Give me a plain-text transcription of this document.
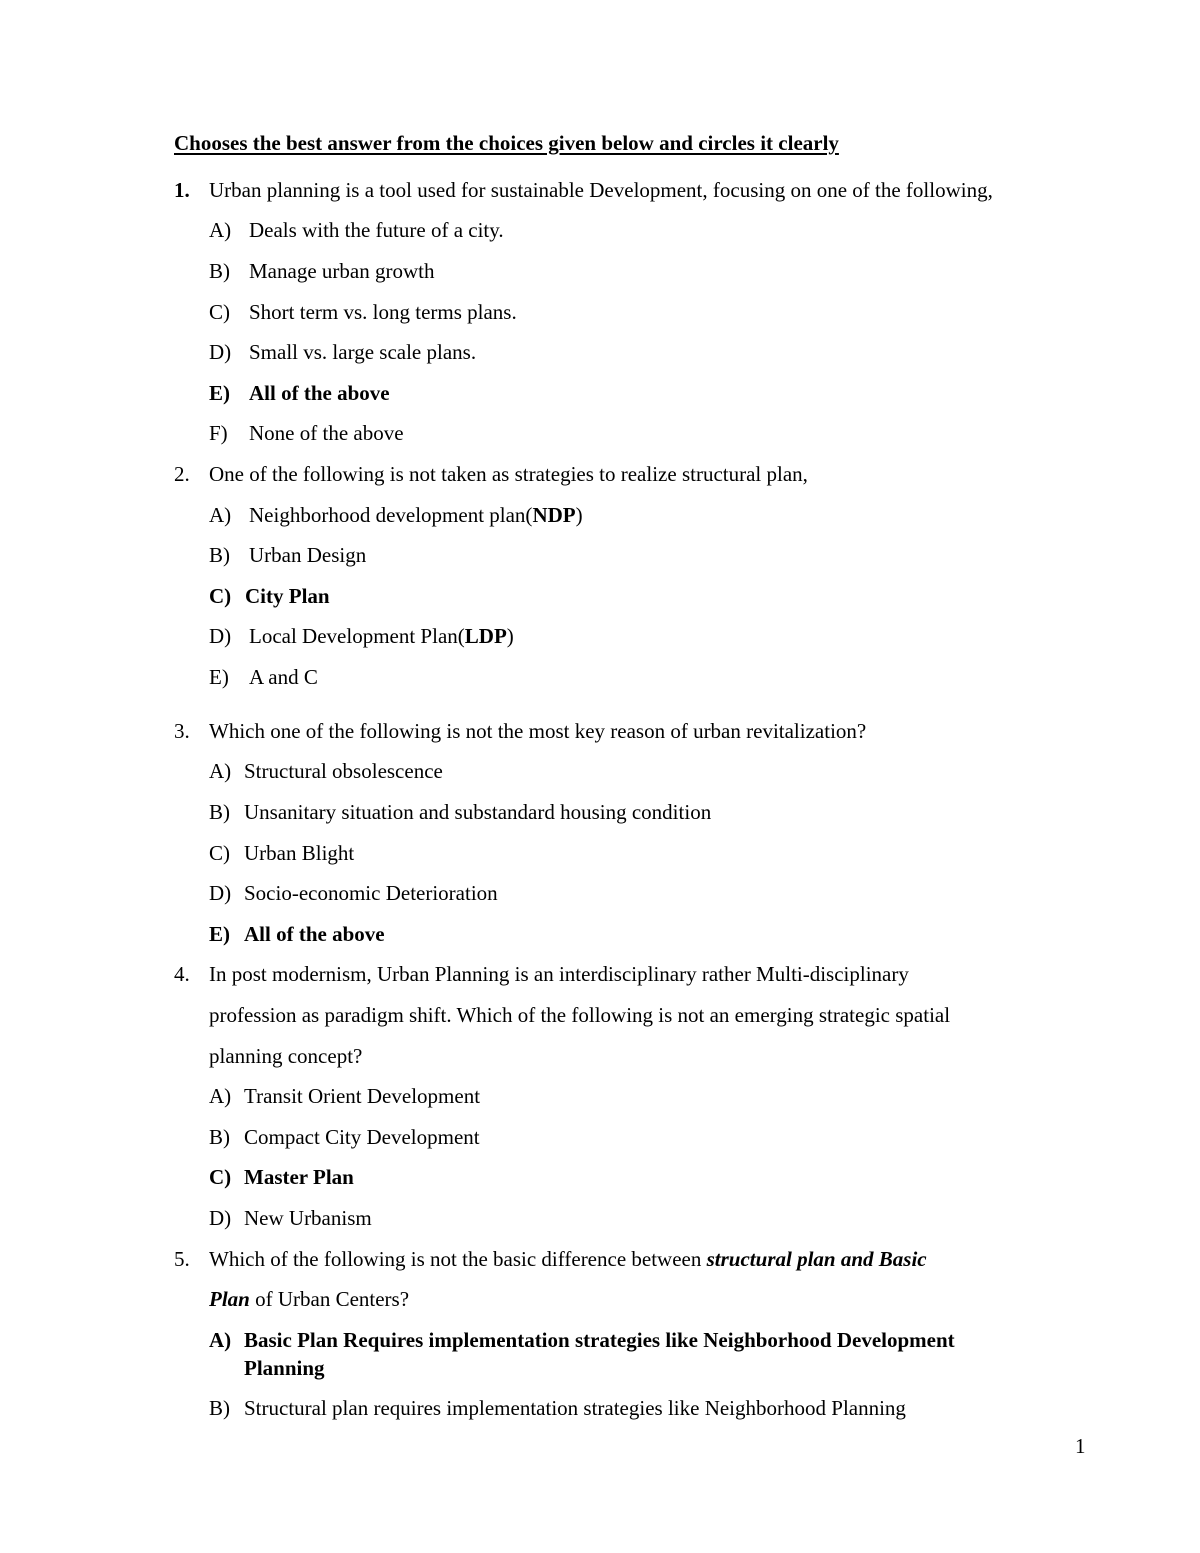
Chooses the best answer from the choices given below and circles it clearly
1. Urban planning is a tool used for sustainable Development, focusing on one of the following,
A) Deals with the future of a city.
B) Manage urban growth
C) Short term vs. long terms plans.
D) Small vs. large scale plans.
E) All of the above
F) None of the above
2. One of the following is not taken as strategies to realize structural plan,
A) Neighborhood development plan(NDP)
B) Urban Design
C) City Plan
D) Local Development Plan(LDP)
E) A and C
3. Which one of the following is not the most key reason of urban revitalization?
A) Structural obsolescence
B) Unsanitary situation and substandard housing condition
C) Urban Blight
D) Socio-economic Deterioration
E) All of the above
4. In post modernism, Urban Planning is an interdisciplinary rather Multi-disciplinary
profession as paradigm shift. Which of the following is not an emerging strategic spatial
planning concept?
A) Transit Orient Development
B) Compact City Development
C) Master Plan
D) New Urbanism
5. Which of the following is not the basic difference between structural plan and Basic
Plan of Urban Centers?
A) Basic Plan Requires implementation strategies like Neighborhood Development
Planning
B) Structural plan requires implementation strategies like Neighborhood Planning
1
